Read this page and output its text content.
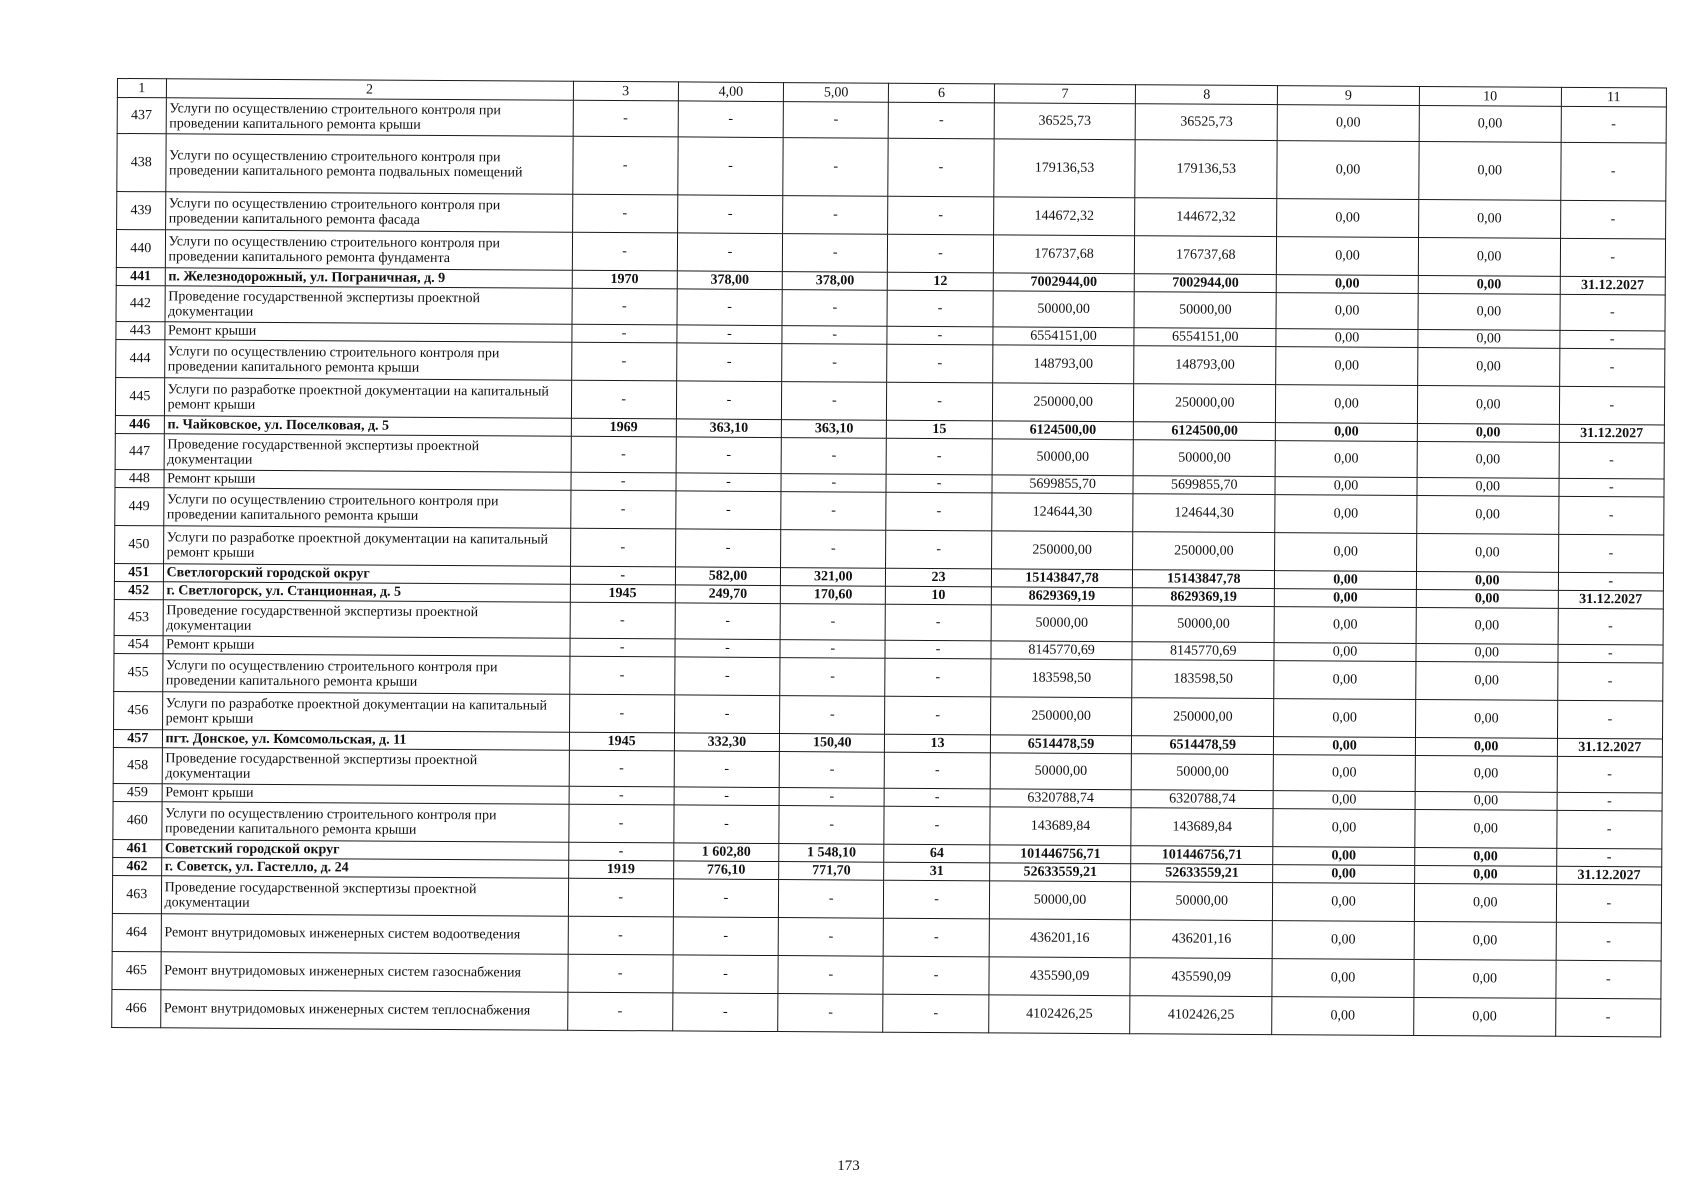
1	2	3	4,00	5,00	6	7	8	9	10	11
437	Услуги по осуществлению строительного контроля при проведении капитального ремонта крыши	-	-	-	-	36525,73	36525,73	0,00	0,00	-
438	Услуги по осуществлению строительного контроля при проведении капитального ремонта подвальных помещений	-	-	-	-	179136,53	179136,53	0,00	0,00	-
439	Услуги по осуществлению строительного контроля при проведении капитального ремонта фасада	-	-	-	-	144672,32	144672,32	0,00	0,00	-
440	Услуги по осуществлению строительного контроля при проведении капитального ремонта фундамента	-	-	-	-	176737,68	176737,68	0,00	0,00	-
441	п. Железнодорожный, ул. Пограничная, д. 9	1970	378,00	378,00	12	7002944,00	7002944,00	0,00	0,00	31.12.2027
442	Проведение государственной экспертизы проектной документации	-	-	-	-	50000,00	50000,00	0,00	0,00	-
443	Ремонт крыши	-	-	-	-	6554151,00	6554151,00	0,00	0,00	-
444	Услуги по осуществлению строительного контроля при проведении капитального ремонта крыши	-	-	-	-	148793,00	148793,00	0,00	0,00	-
445	Услуги по разработке проектной документации на капитальный ремонт крыши	-	-	-	-	250000,00	250000,00	0,00	0,00	-
446	п. Чайковское, ул. Поселковая, д. 5	1969	363,10	363,10	15	6124500,00	6124500,00	0,00	0,00	31.12.2027
447	Проведение государственной экспертизы проектной документации	-	-	-	-	50000,00	50000,00	0,00	0,00	-
448	Ремонт крыши	-	-	-	-	5699855,70	5699855,70	0,00	0,00	-
449	Услуги по осуществлению строительного контроля при проведении капитального ремонта крыши	-	-	-	-	124644,30	124644,30	0,00	0,00	-
450	Услуги по разработке проектной документации на капитальный ремонт крыши	-	-	-	-	250000,00	250000,00	0,00	0,00	-
451	Светлогорский городской округ	-	582,00	321,00	23	15143847,78	15143847,78	0,00	0,00	-
452	г. Светлогорск, ул. Станционная, д. 5	1945	249,70	170,60	10	8629369,19	8629369,19	0,00	0,00	31.12.2027
453	Проведение государственной экспертизы проектной документации	-	-	-	-	50000,00	50000,00	0,00	0,00	-
454	Ремонт крыши	-	-	-	-	8145770,69	8145770,69	0,00	0,00	-
455	Услуги по осуществлению строительного контроля при проведении капитального ремонта крыши	-	-	-	-	183598,50	183598,50	0,00	0,00	-
456	Услуги по разработке проектной документации на капитальный ремонт крыши	-	-	-	-	250000,00	250000,00	0,00	0,00	-
457	пгт. Донское, ул. Комсомольская, д. 11	1945	332,30	150,40	13	6514478,59	6514478,59	0,00	0,00	31.12.2027
458	Проведение государственной экспертизы проектной документации	-	-	-	-	50000,00	50000,00	0,00	0,00	-
459	Ремонт крыши	-	-	-	-	6320788,74	6320788,74	0,00	0,00	-
460	Услуги по осуществлению строительного контроля при проведении капитального ремонта крыши	-	-	-	-	143689,84	143689,84	0,00	0,00	-
461	Советский городской округ	-	1 602,80	1 548,10	64	101446756,71	101446756,71	0,00	0,00	-
462	г. Советск, ул. Гастелло, д. 24	1919	776,10	771,70	31	52633559,21	52633559,21	0,00	0,00	31.12.2027
463	Проведение государственной экспертизы проектной документации	-	-	-	-	50000,00	50000,00	0,00	0,00	-
464	Ремонт внутридомовых инженерных систем водоотведения	-	-	-	-	436201,16	436201,16	0,00	0,00	-
465	Ремонт внутридомовых инженерных систем газоснабжения	-	-	-	-	435590,09	435590,09	0,00	0,00	-
466	Ремонт внутридомовых инженерных систем теплоснабжения	-	-	-	-	4102426,25	4102426,25	0,00	0,00	-
173
